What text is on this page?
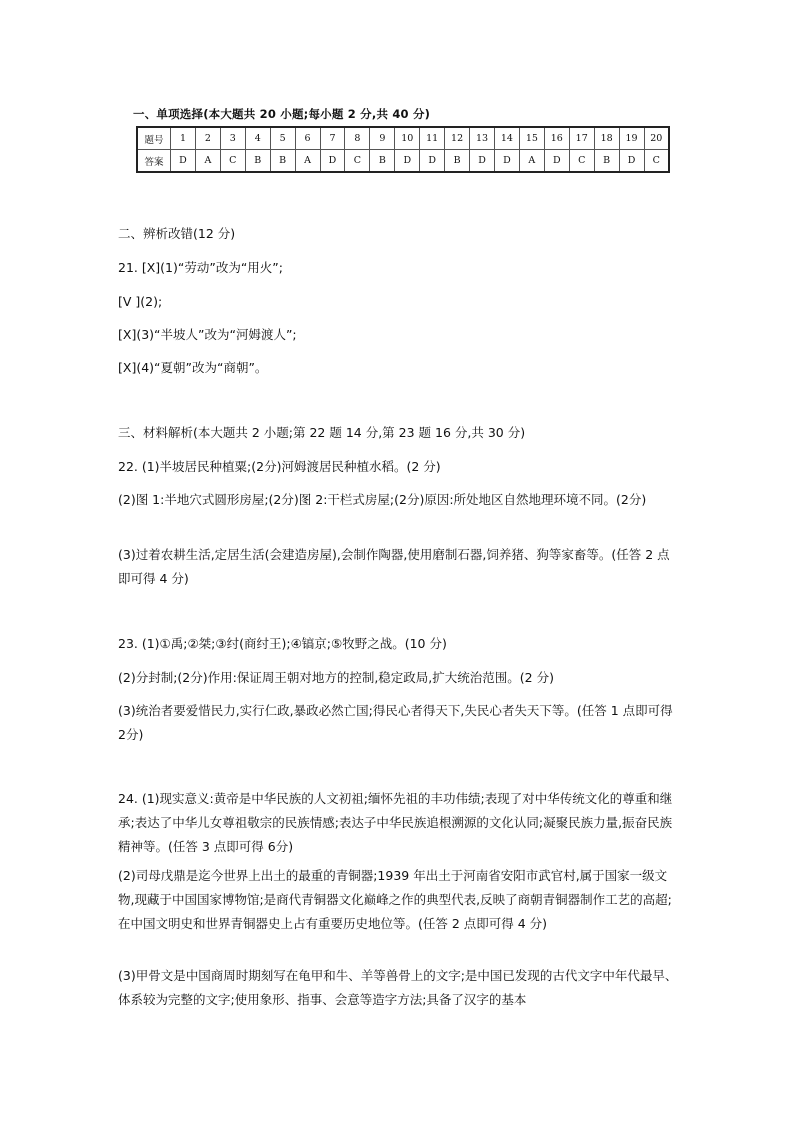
一、单项选择(本大题共 20 小题;每小题 2 分,共 40 分)
题号	1	2	3	4	5	6	7	8	9	10	11	12	13	14	15	16	17	18	19	20
答案	D	A	C	B	B	A	D	C	B	D	D	B	D	D	A	D	C	B	D	C
二、辨析改错(12 分)
21. [X](1)“劳动”改为“用火”;
[V ](2);
[X](3)“半坡人”改为“河姆渡人”;
[X](4)“夏朝”改为“商朝”。
三、材料解析(本大题共 2 小题;第 22 题 14 分,第 23 题 16 分,共 30 分)
22. (1)半坡居民种植粟;(2分)河姆渡居民种植水稻。(2 分)
(2)图 1:半地穴式圆形房屋;(2分)图 2:干栏式房屋;(2分)原因:所处地区自然地理环境不同。(2分)
(3)过着农耕生活,定居生活(会建造房屋),会制作陶器,使用磨制石器,饲养猪、狗等家畜等。(任答 2 点即可得 4 分)
23. (1)①禹;②桀;③纣(商纣王);④镐京;⑤牧野之战。(10 分)
(2)分封制;(2分)作用:保证周王朝对地方的控制,稳定政局,扩大统治范围。(2 分)
(3)统治者要爱惜民力,实行仁政,暴政必然亡国;得民心者得天下,失民心者失天下等。(任答 1 点即可得 2分)
24. (1)现实意义:黄帝是中华民族的人文初祖;缅怀先祖的丰功伟绩;表现了对中华传统文化的尊重和继承;表达了中华儿女尊祖敬宗的民族情感;表达子中华民族追根溯源的文化认同;凝聚民族力量,振奋民族精神等。(任答 3 点即可得 6分)
(2)司母戊鼎是迄今世界上出土的最重的青铜器;1939 年出土于河南省安阳市武官村,属于国家一级文物,现藏于中国国家博物馆;是商代青铜器文化巅峰之作的典型代表,反映了商朝青铜器制作工艺的高超;在中国文明史和世界青铜器史上占有重要历史地位等。(任答 2 点即可得 4 分)
(3)甲骨文是中国商周时期刻写在龟甲和牛、羊等兽骨上的文字;是中国已发现的古代文字中年代最早、体系较为完整的文字;使用象形、指事、会意等造字方法;具备了汉字的基本
